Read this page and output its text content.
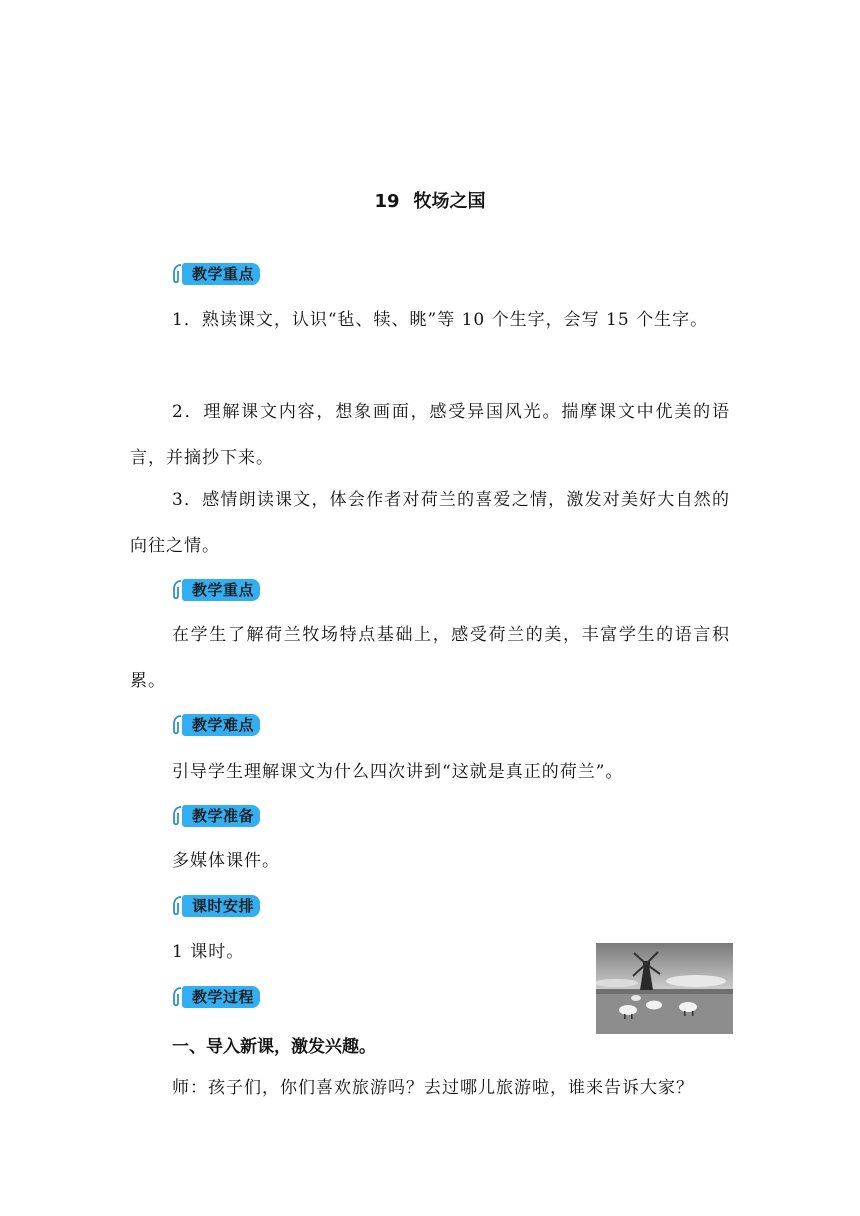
19 牧场之国
教学重点

1．熟读课文，认识“毡、犊、眺”等 10 个生字，会写 15 个生字。

2．理解课文内容，想象画面，感受异国风光。揣摩课文中优美的语言，并摘抄下来。

3．感情朗读课文，体会作者对荷兰的喜爱之情，激发对美好大自然的向往之情。

教学重点

在学生了解荷兰牧场特点基础上，感受荷兰的美，丰富学生的语言积累。

教学难点

引导学生理解课文为什么四次讲到“这就是真正的荷兰”。

教学准备

多媒体课件。

课时安排

1 课时。

教学过程
一、导入新课，激发兴趣。

师：孩子们，你们喜欢旅游吗？去过哪儿旅游啦，谁来告诉大家？
